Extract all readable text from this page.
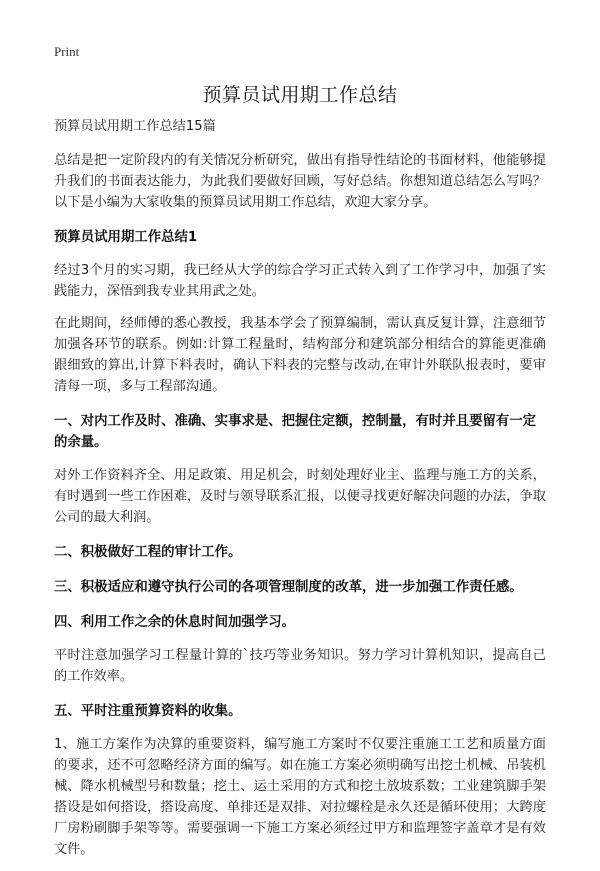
Print
预算员试用期工作总结

预算员试用期工作总结15篇

总结是把一定阶段内的有关情况分析研究，做出有指导性结论的书面材料，他能够提升我们的书面表达能力，为此我们要做好回顾，写好总结。你想知道总结怎么写吗？以下是小编为大家收集的预算员试用期工作总结，欢迎大家分享。

预算员试用期工作总结1

经过3个月的实习期，我已经从大学的综合学习正式转入到了工作学习中，加强了实践能力，深悟到我专业其用武之处。

在此期间，经师傅的悉心教授，我基本学会了预算编制，需认真反复计算，注意细节加强各环节的联系。例如:计算工程量时，结构部分和建筑部分相结合的算能更准确跟细致的算出,计算下料表时，确认下料表的完整与改动,在审计外联队报表时，要审清每一项，多与工程部沟通。

一、对内工作及时、准确、实事求是、把握住定额，控制量，有时并且要留有一定的余量。

对外工作资料齐全、用足政策、用足机会，时刻处理好业主、监理与施工方的关系，有时遇到一些工作困难，及时与领导联系汇报，以便寻找更好解决问题的办法，争取公司的最大利润。

二、积极做好工程的审计工作。

三、积极适应和遵守执行公司的各项管理制度的改革，进一步加强工作责任感。

四、利用工作之余的休息时间加强学习。

平时注意加强学习工程量计算的`技巧等业务知识。努力学习计算机知识，提高自己的工作效率。

五、平时注重预算资料的收集。

1、施工方案作为决算的重要资料，编写施工方案时不仅要注重施工工艺和质量方面的要求，还不可忽略经济方面的编写。如在施工方案必须明确写出挖土机械、吊装机械、降水机械型号和数量；挖土、运土采用的方式和挖土放坡系数；工业建筑脚手架搭设是如何搭设，搭设高度、单排还是双排、对拉螺栓是永久还是循环使用；大跨度厂房粉刷脚手架等等。需要强调一下施工方案必须经过甲方和监理签字盖章才是有效文件。
